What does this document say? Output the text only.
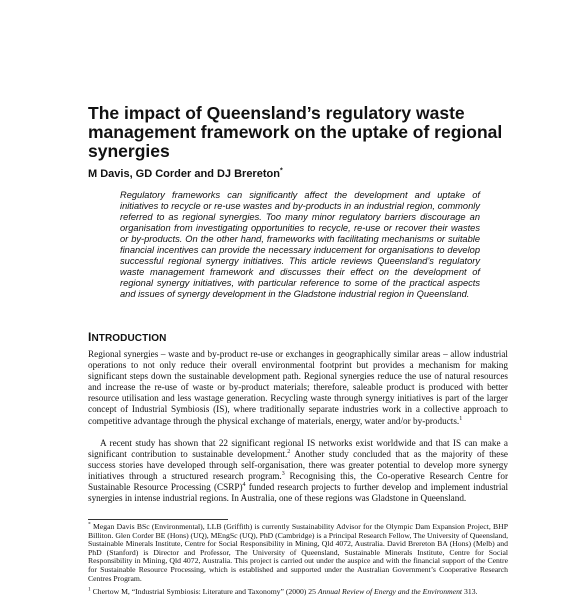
The impact of Queensland’s regulatory waste management framework on the uptake of regional synergies
M Davis, GD Corder and DJ Brereton*

Regulatory frameworks can significantly affect the development and uptake of initiatives to recycle or re-use wastes and by-products in an industrial region, commonly referred to as regional synergies. Too many minor regulatory barriers discourage an organisation from investigating opportunities to recycle, re-use or recover their wastes or by-products. On the other hand, frameworks with facilitating mechanisms or suitable financial incentives can provide the necessary inducement for organisations to develop successful regional synergy initiatives. This article reviews Queensland’s regulatory waste management framework and discusses their effect on the development of regional synergy initiatives, with particular reference to some of the practical aspects and issues of synergy development in the Gladstone industrial region in Queensland.

INTRODUCTION

Regional synergies – waste and by-product re-use or exchanges in geographically similar areas – allow industrial operations to not only reduce their overall environmental footprint but provides a mechanism for making significant steps down the sustainable development path. Regional synergies reduce the use of natural resources and increase the re-use of waste or by-product materials; therefore, saleable product is produced with better resource utilisation and less wastage generation. Recycling waste through synergy initiatives is part of the larger concept of Industrial Symbiosis (IS), where traditionally separate industries work in a collective approach to competitive advantage through the physical exchange of materials, energy, water and/or by-products.$^1$

A recent study has shown that 22 significant regional IS networks exist worldwide and that IS can make a significant contribution to sustainable development.$^2$ Another study concluded that as the majority of these success stories have developed through self-organisation, there was greater potential to develop more synergy initiatives through a structured research program.$^3$ Recognising this, the Co-operative Research Centre for Sustainable Resource Processing (CSRP)$^4$ funded research projects to further develop and implement industrial synergies in intense industrial regions. In Australia, one of these regions was Gladstone in Queensland.

* Megan Davis BSc (Environmental), LLB (Griffith) is currently Sustainability Advisor for the Olympic Dam Expansion Project, BHP Billiton. Glen Corder BE (Hons) (UQ), MEngSc (UQ), PhD (Cambridge) is a Principal Research Fellow, The University of Queensland, Sustainable Minerals Institute, Centre for Social Responsibility in Mining, Qld 4072, Australia. David Brereton BA (Hons) (Melb) and PhD (Stanford) is Director and Professor, The University of Queensland, Sustainable Minerals Institute, Centre for Social Responsibility in Mining, Qld 4072, Australia. This project is carried out under the auspice and with the financial support of the Centre for Sustainable Resource Processing, which is established and supported under the Australian Government’s Cooperative Research Centres Program.

$^1$ Chertow M, “Industrial Symbiosis: Literature and Taxonomy” (2000) 25 Annual Review of Energy and the Environment 313.
